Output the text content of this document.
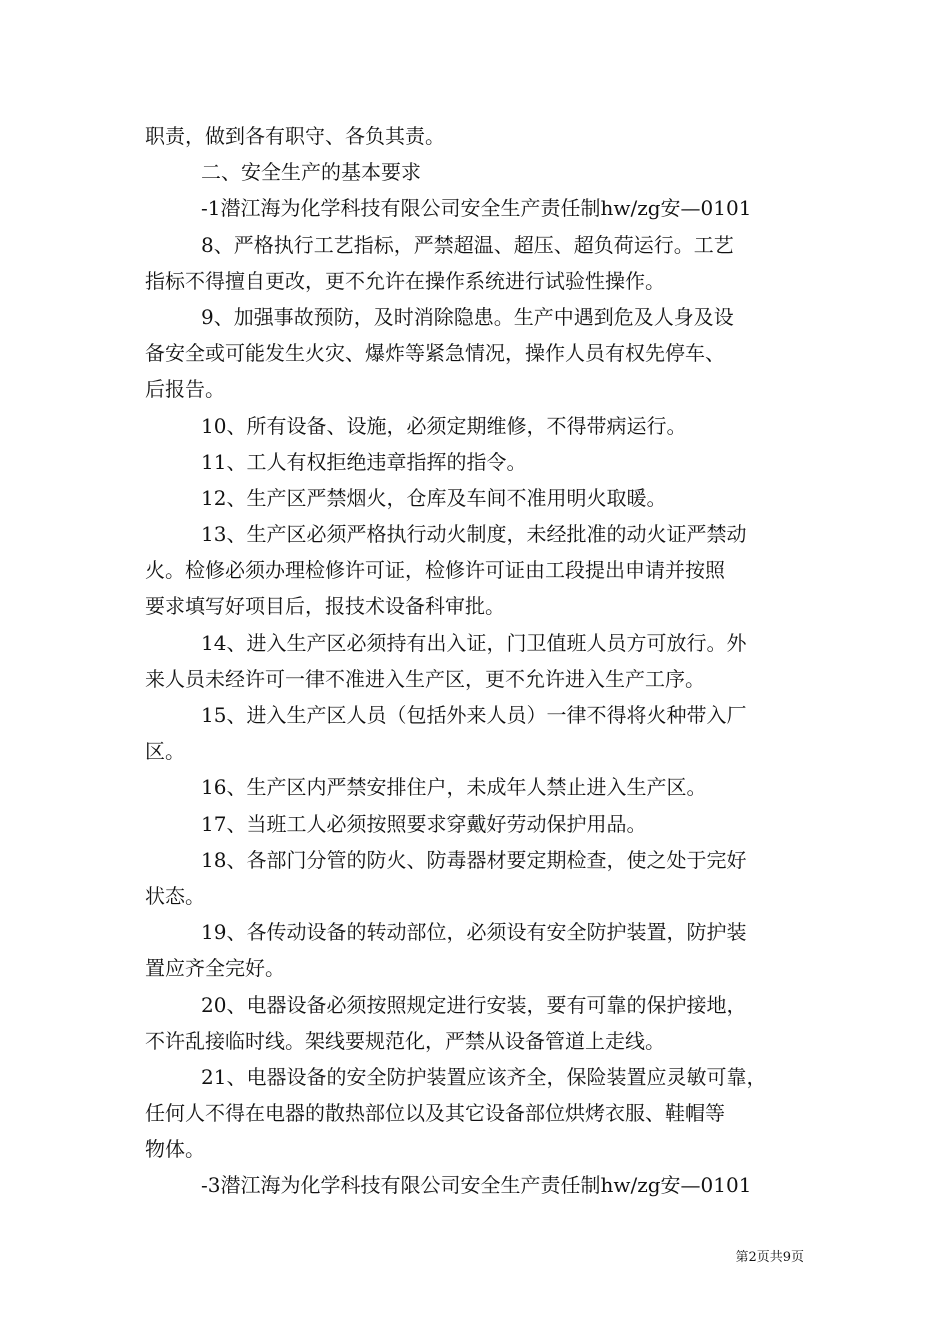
职责，做到各有职守、各负其责。
二、安全生产的基本要求
-1潜江海为化学科技有限公司安全生产责任制hw/zg安—0101
8、严格执行工艺指标，严禁超温、超压、超负荷运行。工艺
指标不得擅自更改，更不允许在操作系统进行试验性操作。
9、加强事故预防，及时消除隐患。生产中遇到危及人身及设
备安全或可能发生火灾、爆炸等紧急情况，操作人员有权先停车、
后报告。
10、所有设备、设施，必须定期维修，不得带病运行。
11、工人有权拒绝违章指挥的指令。
12、生产区严禁烟火，仓库及车间不准用明火取暖。
13、生产区必须严格执行动火制度，未经批准的动火证严禁动
火。检修必须办理检修许可证，检修许可证由工段提出申请并按照
要求填写好项目后，报技术设备科审批。
14、进入生产区必须持有出入证，门卫值班人员方可放行。外
来人员未经许可一律不准进入生产区，更不允许进入生产工序。
15、进入生产区人员（包括外来人员）一律不得将火种带入厂
区。
16、生产区内严禁安排住户，未成年人禁止进入生产区。
17、当班工人必须按照要求穿戴好劳动保护用品。
18、各部门分管的防火、防毒器材要定期检查，使之处于完好
状态。
19、各传动设备的转动部位，必须设有安全防护装置，防护装
置应齐全完好。
20、电器设备必须按照规定进行安装，要有可靠的保护接地，
不许乱接临时线。架线要规范化，严禁从设备管道上走线。
21、电器设备的安全防护装置应该齐全，保险装置应灵敏可靠，
任何人不得在电器的散热部位以及其它设备部位烘烤衣服、鞋帽等
物体。
-3潜江海为化学科技有限公司安全生产责任制hw/zg安—0101
第2页共9页
